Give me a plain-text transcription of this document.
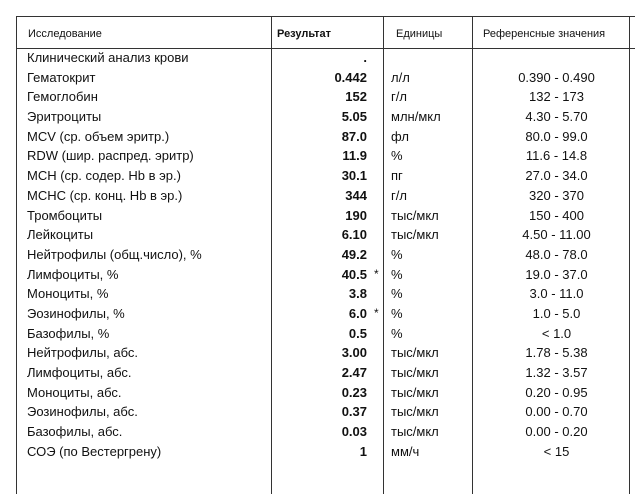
Исследование	Результат	Единицы	Референсные значения
Клинический анализ крови	.
Гематокрит	0.442 л/л	0.390 - 0.490
Гемоглобин	152 г/л	132 - 173
Эритроциты	5.05 млн/мкл	4.30 - 5.70
MCV (ср. объем эритр.)	87.0 фл	80.0 - 99.0
RDW (шир. распред. эритр)	11.9 %	11.6 - 14.8
MCH (ср. содер. Hb в эр.)	30.1 пг	27.0 - 34.0
MCHC (ср. конц. Hb в эр.)	344 г/л	320 - 370
Тромбоциты	190 тыс/мкл	150 - 400
Лейкоциты	6.10 тыс/мкл	4.50 - 11.00
Нейтрофилы (общ.число), %	49.2 %	48.0 - 78.0
Лимфоциты, %	40.5 * %	19.0 - 37.0
Моноциты, %	3.8 %	3.0 - 11.0
Эозинофилы, %	6.0 * %	1.0 - 5.0
Базофилы, %	0.5 %	< 1.0
Нейтрофилы, абс.	3.00 тыс/мкл	1.78 - 5.38
Лимфоциты, абс.	2.47 тыс/мкл	1.32 - 3.57
Моноциты, абс.	0.23 тыс/мкл	0.20 - 0.95
Эозинофилы, абс.	0.37 тыс/мкл	0.00 - 0.70
Базофилы, абс.	0.03 тыс/мкл	0.00 - 0.20
СОЭ (по Вестергрену)	1 мм/ч	< 15
